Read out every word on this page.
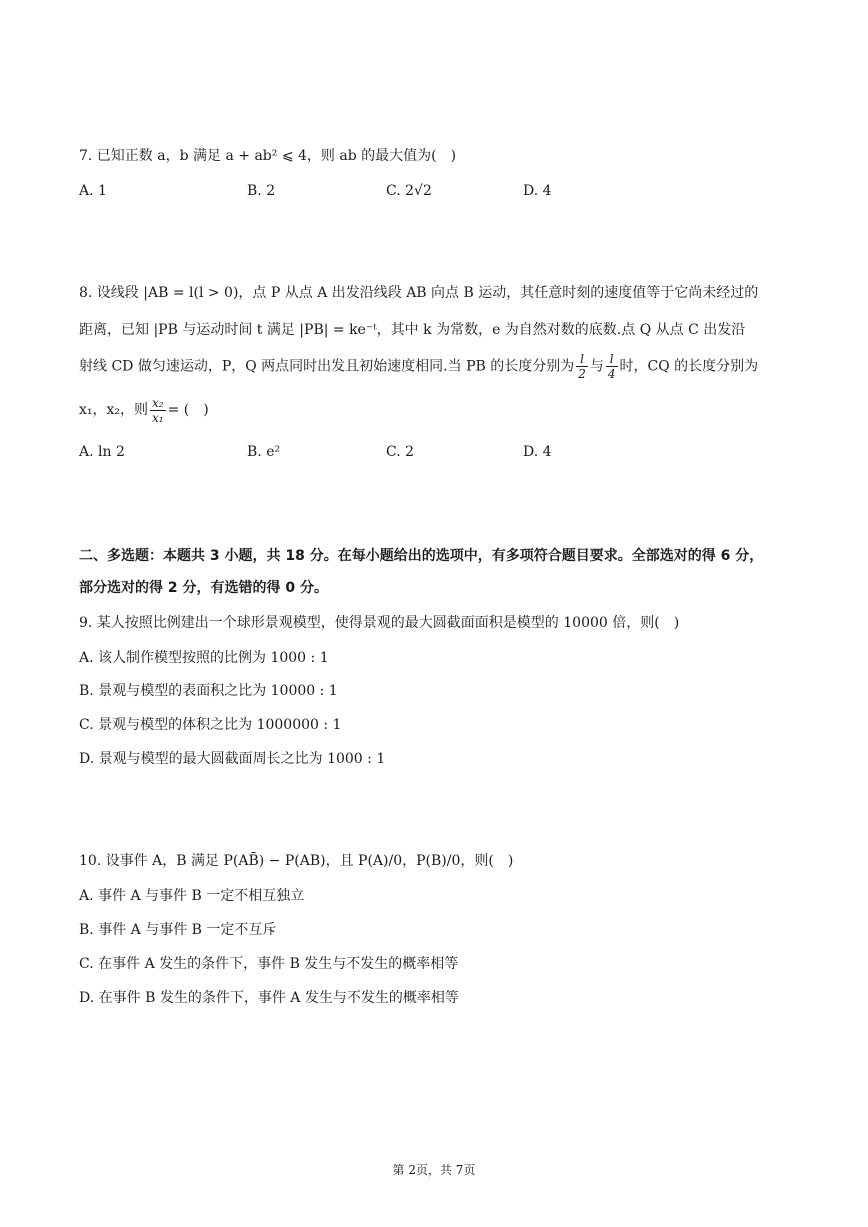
7. 已知正数 a，b 满足 a + ab² ⩽ 4，则 ab 的最大值为(　)
A. 1	B. 2	C. 2√2	D. 4
8. 设线段 |AB = l(l > 0)，点 P 从点 A 出发沿线段 AB 向点 B 运动，其任意时刻的速度值等于它尚未经过的
距离，已知 |PB 与运动时间 t 满足 |PB| = ke⁻ᵗ，其中 k 为常数，e 为自然对数的底数.点 Q 从点 C 出发沿
射线 CD 做匀速运动，P，Q 两点同时出发且初始速度相同.当 PB 的长度分别为 $\frac{l}{2}$ 与 $\frac{l}{4}$ 时，CQ 的长度分别为
x₁，x₂，则 $\frac{\text{x₂}}{\text{x₁}}$ = (　)
A. ln 2	B. e²	C. 2	D. 4
二、多选题：本题共 3 小题，共 18 分。在每小题给出的选项中，有多项符合题目要求。全部选对的得 6 分，
部分选对的得 2 分，有选错的得 0 分。
9. 某人按照比例建出一个球形景观模型，使得景观的最大圆截面面积是模型的 10000 倍，则(　)
A. 该人制作模型按照的比例为 1000 : 1
B. 景观与模型的表面积之比为 10000 : 1
C. 景观与模型的体积之比为 1000000 : 1
D. 景观与模型的最大圆截面周长之比为 1000 : 1
10. 设事件 A，B 满足 P(AB̄) − P(AB)，且 P(A)/0，P(B)/0，则(　)
A. 事件 A 与事件 B 一定不相互独立
B. 事件 A 与事件 B 一定不互斥
C. 在事件 A 发生的条件下，事件 B 发生与不发生的概率相等
D. 在事件 B 发生的条件下，事件 A 发生与不发生的概率相等
第 2页，共 7页
